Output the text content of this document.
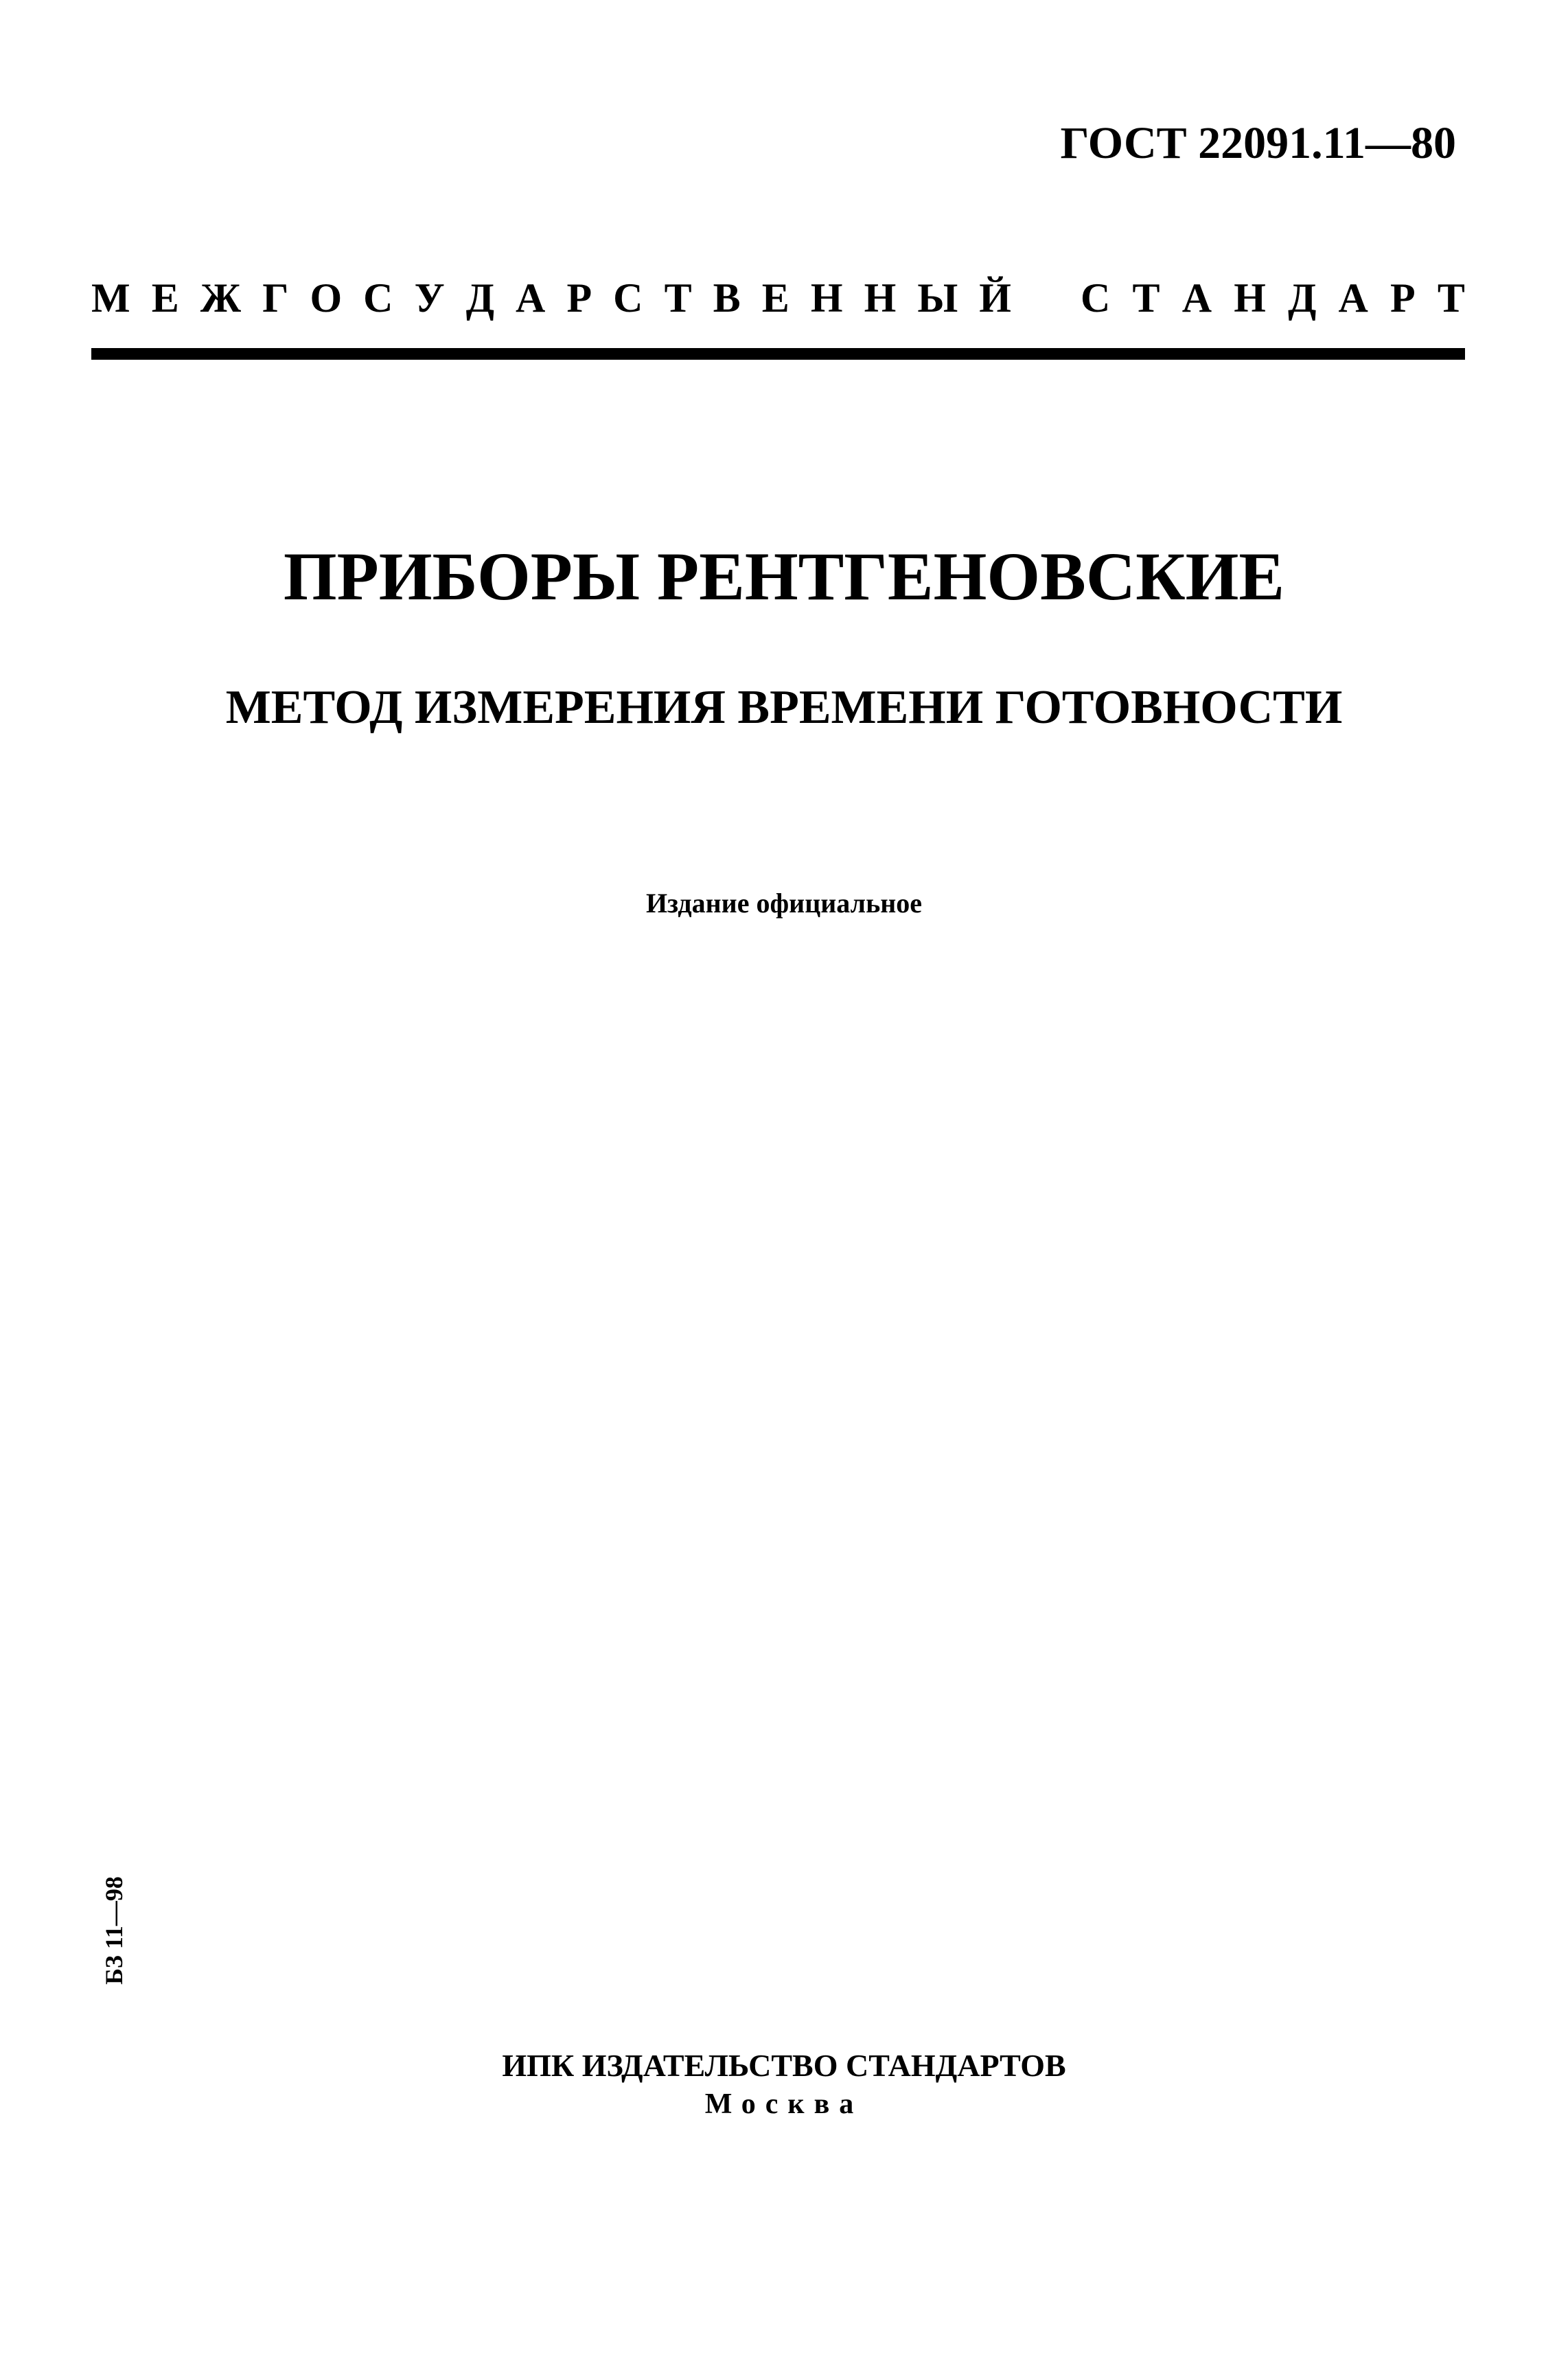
ГОСТ 22091.11—80
М Е Ж Г О С У Д А Р С Т В Е Н Н Ы Й С Т А Н Д А Р Т
ПРИБОРЫ РЕНТГЕНОВСКИЕ
МЕТОД ИЗМЕРЕНИЯ ВРЕМЕНИ ГОТОВНОСТИ
Издание официальное
БЗ 11—98
ИПК ИЗДАТЕЛЬСТВО СТАНДАРТОВ
Москва
